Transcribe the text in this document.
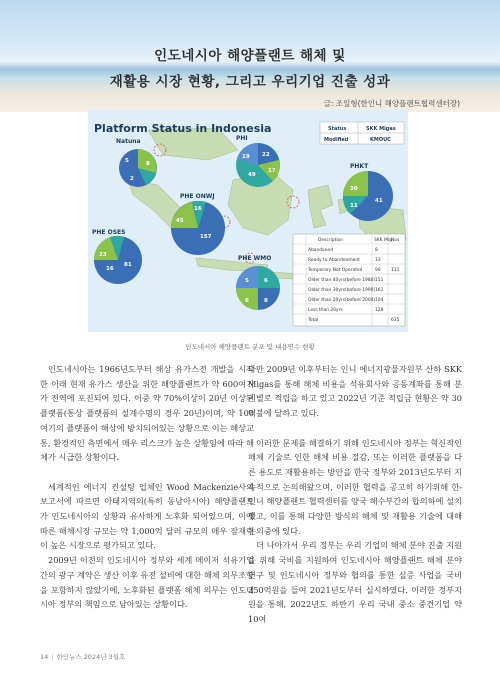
인도네시아 해양플랜트 해체 및
재활용 시장 현황, 그리고 우리기업 진출 성과
글: 조일형(한인니 해양플랜트협력센터장)
Platform Status in Indonesia	Status	SKK Migas
Modified	KMOUC
Natuna
5	8
2
PHI
19 22
49
17
PHKT
30
11
41
PHE ONWJ
45
16
157
PHE OSES
23
16
81
PHE WMO
5	6
6	8
Description	SKK Mig Nos
Abandoned	8
Ready to Abandonment	13
Temporary Not Operated	90 111
Older than 40yrs(before 1980) 151
Older than 30yrs(before 1990) 161
Older than 20yrs(before 2000) 104
Less than 20yrs	128
Total	635
인도네시아 해양플랜트 분포 및 내용연수 현황

인도네시아는 1966년도부터 해상 유가스전 개발을 시작한 이래 현재 유가스 생산을 위한 해양플랜트가 약 600여기가 전역에 포진되어 있다. 이중 약 70%이상이 20년 이상된 플랫폼(통상 플랫폼의 설계수명의 경우 20년)이며, 약 100여기의 플랫폼이 해상에 방치되어있는 상황으로 이는 해상교통, 환경적인 측면에서 매우 리스크가 높은 상황임에 따라 해체가 시급한 상황이다.

세계적인 에너지 컨설팅 업체인 Wood Mackenzie사의 보고서에 따르면 아태지역의(특히 동남아시아) 해양플랜트가 인도네시아의 상황과 유사하게 노후화 되어있으며, 이에 따른 해체시장 규모는 약 1,000억 달러 규모의 매우 잠재력이 높은 시장으로 평가되고 있다.

2009년 이전의 인도네시아 정부와 세계 메이저 석유기업간의 광구 계약은 생산 이후 유전 설비에 대한 해체 의무조항을 포함하지 않았기에, 노후화된 플랫폼 해체 의무는 인도네시아 정부의 책임으로 남아있는 상황이다.

다만 2009년 이후부터는 인니 에너지광물자원부 산하 SKK Migas를 통해 해체 비용을 석유회사와 공동계좌를 통해 분기별로 적립을 하고 있고 2022년 기준 적립금 현황은 약 30억불에 달하고 있다.

이러한 문제를 해결하기 위해 인도네시아 정부는 혁신적인 해체 기술로 인한 해체 비용 절감, 또는 이러한 플랫폼을 다른 용도로 재활용하는 방안을 한국 정부와 2013년도부터 지속적으로 논의해왔으며, 이러한 협력을 공고히 하기위해 한-인니 해양플랜트 협력센터를 양국 해수부간의 합의하에 설치했고, 이를 통해 다양한 방식의 해체 및 재활용 기술에 대해 논의중에 있다.

더 나아가서 우리 정부는 우리 기업의 해체 분야 진출 지원을 위해 국비를 지원하여 인도네시아 해양플랜트 해체 분야 연구 및 인도네시아 정부와 협의를 통한 실증 사업을 국비 250억원을 들여 2021년도부터 실시하였다. 이러한 정부지원을 통해, 2022년도 하반기 우리 국내 중소 중견기업 약 10여

14 | 한인뉴스 2024년 3월호
